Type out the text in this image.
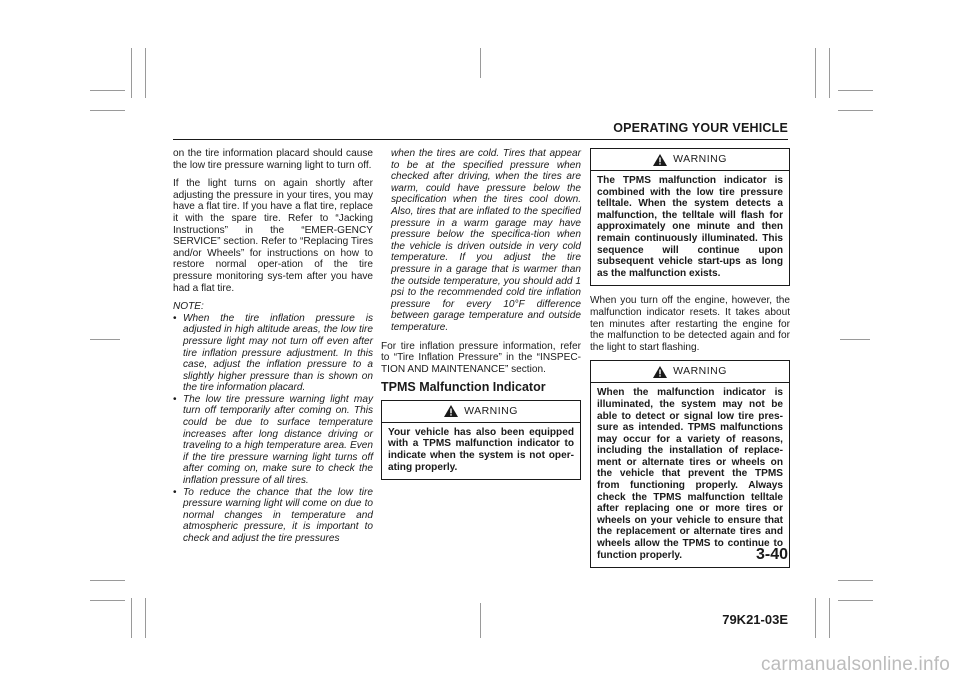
OPERATING YOUR VEHICLE

on the tire information placard should cause the low tire pressure warning light to turn off.

If the light turns on again shortly after adjusting the pressure in your tires, you may have a flat tire. If you have a flat tire, replace it with the spare tire. Refer to “Jacking Instructions” in the “EMER-GENCY SERVICE” section. Refer to “Replacing Tires and/or Wheels” for instructions on how to restore normal oper-ation of the tire pressure monitoring sys-tem after you have had a flat tire.

NOTE:

• When the tire inflation pressure is adjusted in high altitude areas, the low tire pressure light may not turn off even after tire inflation pressure adjustment. In this case, adjust the inflation pressure to a slightly higher pressure than is shown on the tire information placard.
• The low tire pressure warning light may turn off temporarily after coming on. This could be due to surface temperature increases after long distance driving or traveling to a high temperature area. Even if the tire pressure warning light turns off after coming on, make sure to check the inflation pressure of all tires.
• To reduce the chance that the low tire pressure warning light will come on due to normal changes in temperature and atmospheric pressure, it is important to check and adjust the tire pressures

when the tires are cold. Tires that appear to be at the specified pressure when checked after driving, when the tires are warm, could have pressure below the specification when the tires cool down. Also, tires that are inflated to the specified pressure in a warm garage may have pressure below the specifica-tion when the vehicle is driven outside in very cold temperature. If you adjust the tire pressure in a garage that is warmer than the outside temperature, you should add 1 psi to the recommended cold tire inflation pressure for every 10°F difference between garage temperature and outside temperature.

For tire inflation pressure information, refer to “Tire Inflation Pressure” in the “INSPEC-TION AND MAINTENANCE” section.

TPMS Malfunction Indicator
WARNING
Your vehicle has also been equipped with a TPMS malfunction indicator to indicate when the system is not oper-ating properly.
WARNING
The TPMS malfunction indicator is combined with the low tire pressure telltale. When the system detects a malfunction, the telltale will flash for approximately one minute and then remain continuously illuminated. This sequence will continue upon subsequent vehicle start-ups as long as the malfunction exists.

When you turn off the engine, however, the malfunction indicator resets. It takes about ten minutes after restarting the engine for the malfunction to be detected again and for the light to start flashing.

WARNING
When the malfunction indicator is illuminated, the system may not be able to detect or signal low tire pres-sure as intended. TPMS malfunctions may occur for a variety of reasons, including the installation of replace-ment or alternate tires or wheels on the vehicle that prevent the TPMS from functioning properly. Always check the TPMS malfunction telltale after replacing one or more tires or wheels on your vehicle to ensure that the replacement or alternate tires and wheels allow the TPMS to continue to function properly.	3-40
79K21-03E
carmanualsonline.info
